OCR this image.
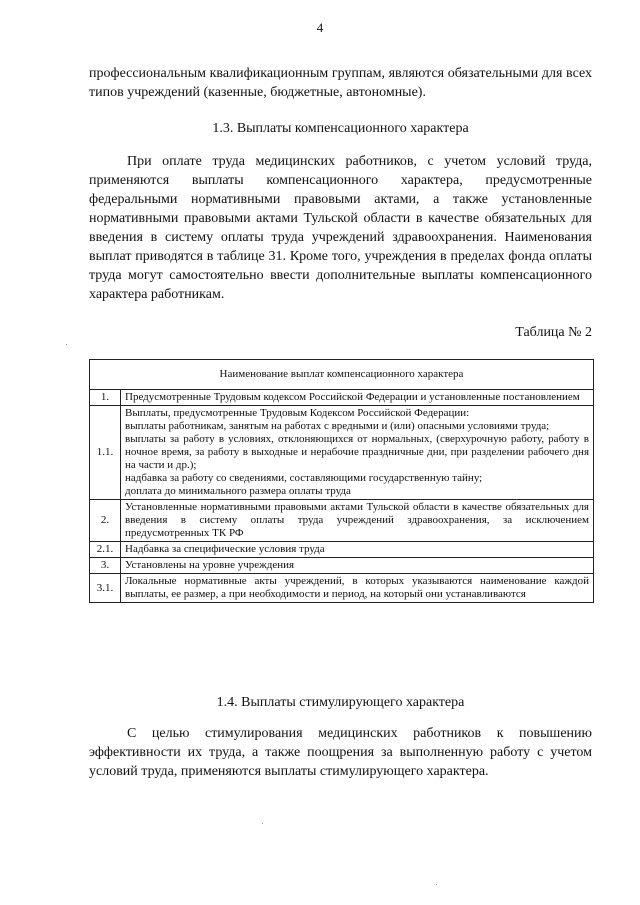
4

профессиональным квалификационным группам, являются обязательными для всех типов учреждений (казенные, бюджетные, автономные).

1.3. Выплаты компенсационного характера

При оплате труда медицинских работников, с учетом условий труда, применяются выплаты компенсационного характера, предусмотренные федеральными нормативными правовыми актами, а также установленные нормативными правовыми актами Тульской области в качестве обязательных для введения в систему оплаты труда учреждений здравоохранения. Наименования выплат приводятся в таблице 31. Кроме того, учреждения в пределах фонда оплаты труда могут самостоятельно ввести дополнительные выплаты компенсационного характера работникам.

Таблица № 2

Наименование выплат компенсационного характера	
1.	Предусмотренные Трудовым кодексом Российской Федерации и установленные постановлением

1.1.	Выплаты, предусмотренные Трудовым Кодексом Российской Федерации:
выплаты работникам, занятым на работах с вредными и (или) опасными условиями труда;
выплаты за работу в условиях, отклоняющихся от нормальных, (сверхурочную работу, работу в ночное время, за работу в выходные и нерабочие праздничные дни, при разделении рабочего дня на части и др.);
надбавка за работу со сведениями, составляющими государственную тайну;
доплата до минимального размера оплаты труда

2.	Установленные нормативными правовыми актами Тульской области в качестве обязательных для введения в систему оплаты труда учреждений здравоохранения, за исключением предусмотренных ТК РФ

2.1.	Надбавка за специфические условия труда

3.	Установлены на уровне учреждения

3.1.	Локальные нормативные акты учреждений, в которых указываются наименование каждой выплаты, ее размер, а при необходимости и период, на который они устанавливаются
1.4. Выплаты стимулирующего характера

С целью стимулирования медицинских работников к повышению эффективности их труда, а также поощрения за выполненную работу с учетом условий труда, применяются выплаты стимулирующего характера.
